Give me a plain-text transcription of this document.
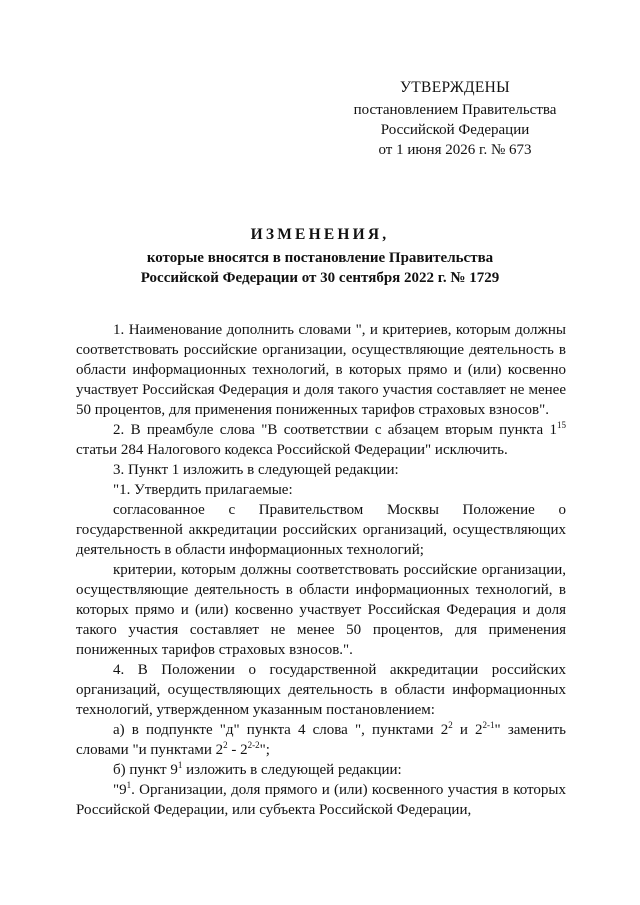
УТВЕРЖДЕНЫ
постановлением Правительства
Российской Федерации
от 1 июня 2026 г. № 673
ИЗМЕНЕНИЯ,
которые вносятся в постановление Правительства
Российской Федерации от 30 сентября 2022 г. № 1729
1. Наименование дополнить словами ", и критериев, которым должны соответствовать российские организации, осуществляющие деятельность в области информационных технологий, в которых прямо и (или) косвенно участвует Российская Федерация и доля такого участия составляет не менее 50 процентов, для применения пониженных тарифов страховых взносов".
2. В преамбуле слова "В соответствии с абзацем вторым пункта $1^{15}$ статьи 284 Налогового кодекса Российской Федерации" исключить.
3. Пункт 1 изложить в следующей редакции:
"1. Утвердить прилагаемые:
согласованное с Правительством Москвы Положение о государственной аккредитации российских организаций, осуществляющих деятельность в области информационных технологий;
критерии, которым должны соответствовать российские организации, осуществляющие деятельность в области информационных технологий, в которых прямо и (или) косвенно участвует Российская Федерация и доля такого участия составляет не менее 50 процентов, для применения пониженных тарифов страховых взносов.".
4. В Положении о государственной аккредитации российских организаций, осуществляющих деятельность в области информационных технологий, утвержденном указанным постановлением:
а) в подпункте "д" пункта 4 слова ", пунктами $2^2$ и 2$^{2-1}$" заменить словами "и пунктами $2^2 - 2^{2-2}$";
б) пункт $9^1$ изложить в следующей редакции:
"$9^1$. Организации, доля прямого и (или) косвенного участия в которых Российской Федерации, или субъекта Российской Федерации,
